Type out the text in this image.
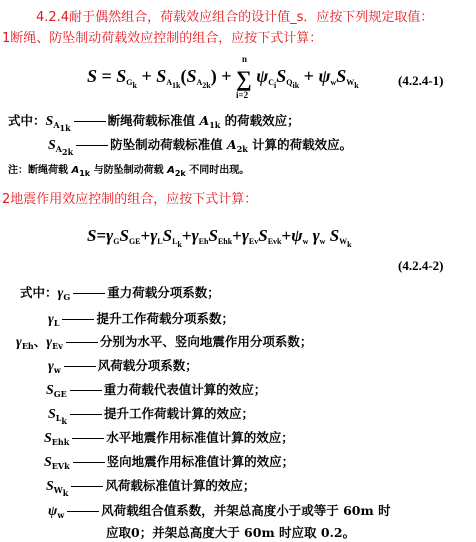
4.2.4耐于偶然组合，荷载效应组合的设计值_s．应按下列规定取值：
1断绳、防坠制动荷载效应控制的组合，应按下式计算：
$S = S_{G_k} + S_{A_{1k}}(S_{A_{2k}})$ + ∑
n
i=2
$\psi_{C_i}S_{Q_{ik}} + \psi_wS_{W_k}$	(4.2.4-1)
式中：$S_{A_{1k}}$	断绳荷载标准值 $A_{1k}$ 的荷载效应；
$S_{A_{2k}}$	防坠制动荷载标准值 $A_{2k}$ 计算的荷载效应。
注：断绳荷载 $A_{1k}$ 与防坠制动荷载 $A_{2k}$ 不同时出现。
2地震作用效应控制的组合，应按下式计算：
$S=\gamma_GS_{GE}+\gamma_LS_{L_k}+\gamma_{Eh}S_{Ehk}+\gamma_{Ev}S_{Evk}+\psi_w$ $\gamma_w$ $S_{W_k}$
(4.2.4-2)
式中：$\gamma_G$	重力荷载分项系数；
$\gamma_L$	提升工作荷载分项系数；
$\gamma_{Eh}$、$\gamma_{Ev}$	分别为水平、竖向地震作用分项系数；
$\gamma_w$	风荷载分项系数；
$S_{GE}$	重力荷载代表值计算的效应；
$S_{L_k}$	提升工作荷载计算的效应；
$S_{Ehk}$	水平地震作用标准值计算的效应；
$S_{EVk}$	竖向地震作用标准值计算的效应；
$S_{W_k}$	风荷载标准值计算的效应；
$\psi_w$	风荷载组合值系数，并架总高度小于或等于 60m 时
应取0；并架总高度大于 60m 时应取 0.2。
